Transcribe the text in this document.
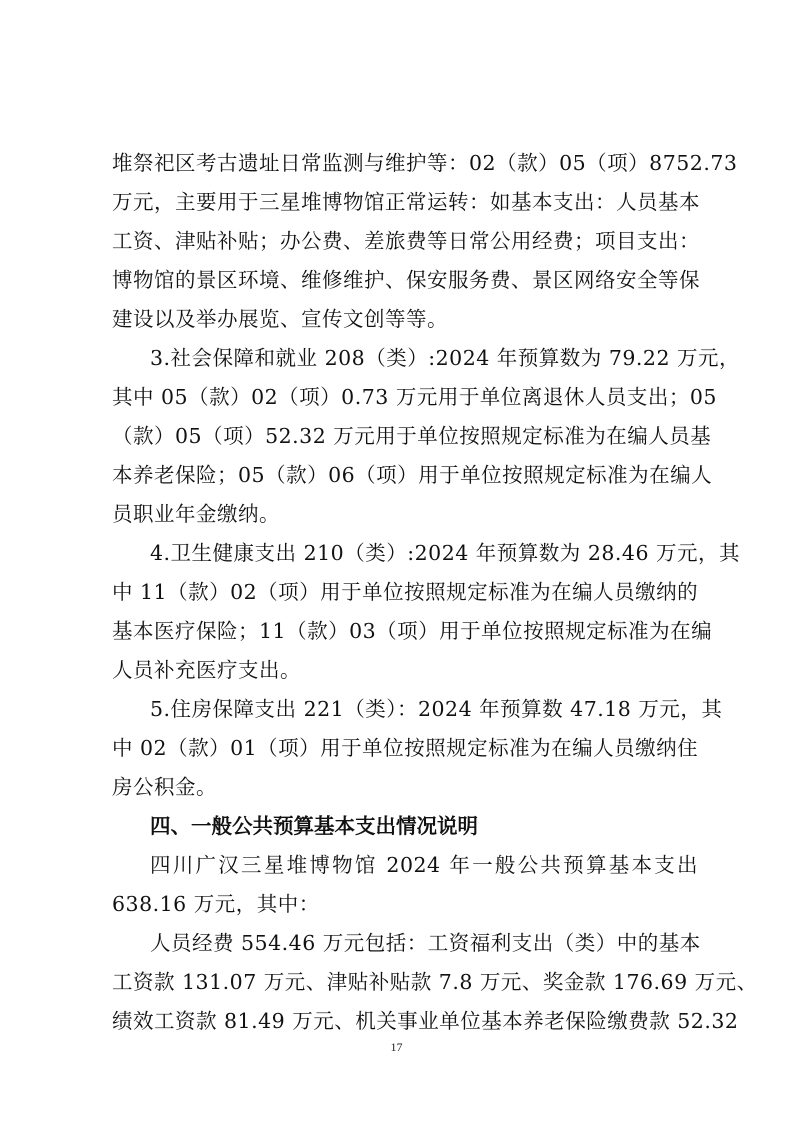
堆祭祀区考古遗址日常监测与维护等：02（款）05（项）8752.73
万元，主要用于三星堆博物馆正常运转：如基本支出：人员基本
工资、津贴补贴；办公费、差旅费等日常公用经费；项目支出：
博物馆的景区环境、维修维护、保安服务费、景区网络安全等保
建设以及举办展览、宣传文创等等。
3.社会保障和就业 208（类）:2024 年预算数为 79.22 万元，
其中 05（款）02（项）0.73 万元用于单位离退休人员支出；05
（款）05（项）52.32 万元用于单位按照规定标准为在编人员基
本养老保险；05（款）06（项）用于单位按照规定标准为在编人
员职业年金缴纳。
4.卫生健康支出 210（类）:2024 年预算数为 28.46 万元，其
中 11（款）02（项）用于单位按照规定标准为在编人员缴纳的
基本医疗保险；11（款）03（项）用于单位按照规定标准为在编
人员补充医疗支出。
5.住房保障支出 221（类）：2024 年预算数 47.18 万元，其
中 02（款）01（项）用于单位按照规定标准为在编人员缴纳住
房公积金。
四、一般公共预算基本支出情况说明
四川广汉三星堆博物馆 2024 年一般公共预算基本支出
638.16 万元，其中：
人员经费 554.46 万元包括：工资福利支出（类）中的基本
工资款 131.07 万元、津贴补贴款 7.8 万元、奖金款 176.69 万元、
绩效工资款 81.49 万元、机关事业单位基本养老保险缴费款 52.32
17
